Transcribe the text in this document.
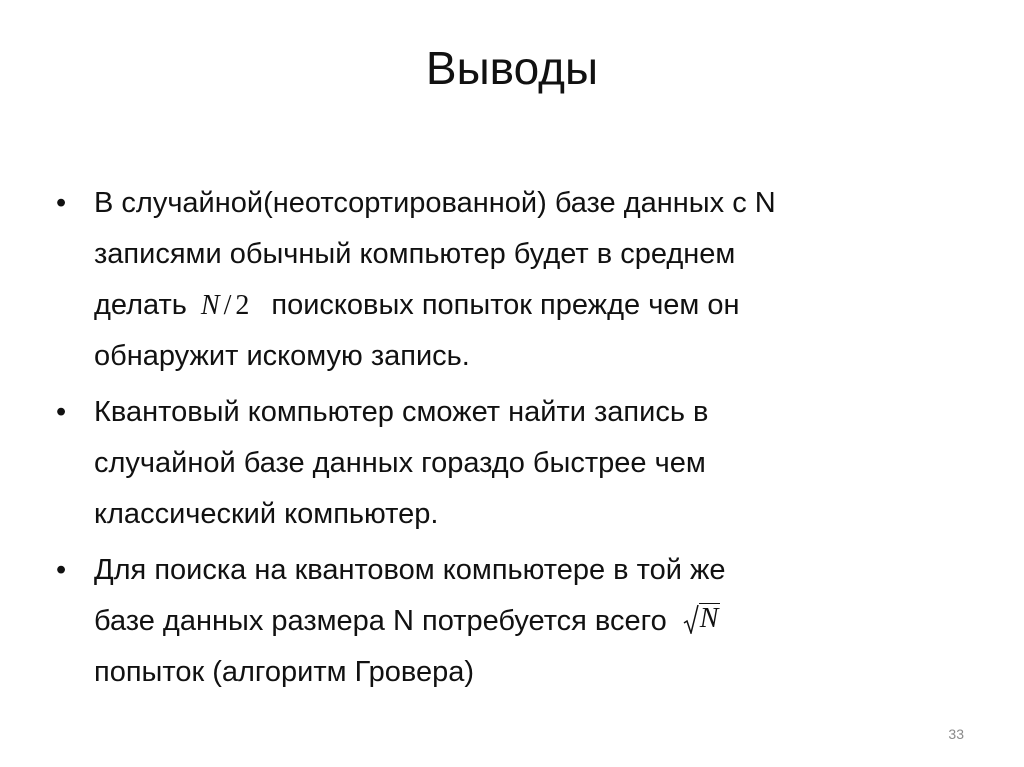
Выводы
• В случайной(неотсортированной) базе данных с N
записями обычный компьютер будет в среднем
делать N / 2 поисковых попыток прежде чем он
обнаружит искомую запись.
• Квантовый компьютер сможет найти запись в
случайной базе данных гораздо быстрее чем
классический компьютер.
• Для поиска на квантовом компьютере в той же
базе данных размера N потребуется всего N
попыток (алгоритм Гровера)
33
